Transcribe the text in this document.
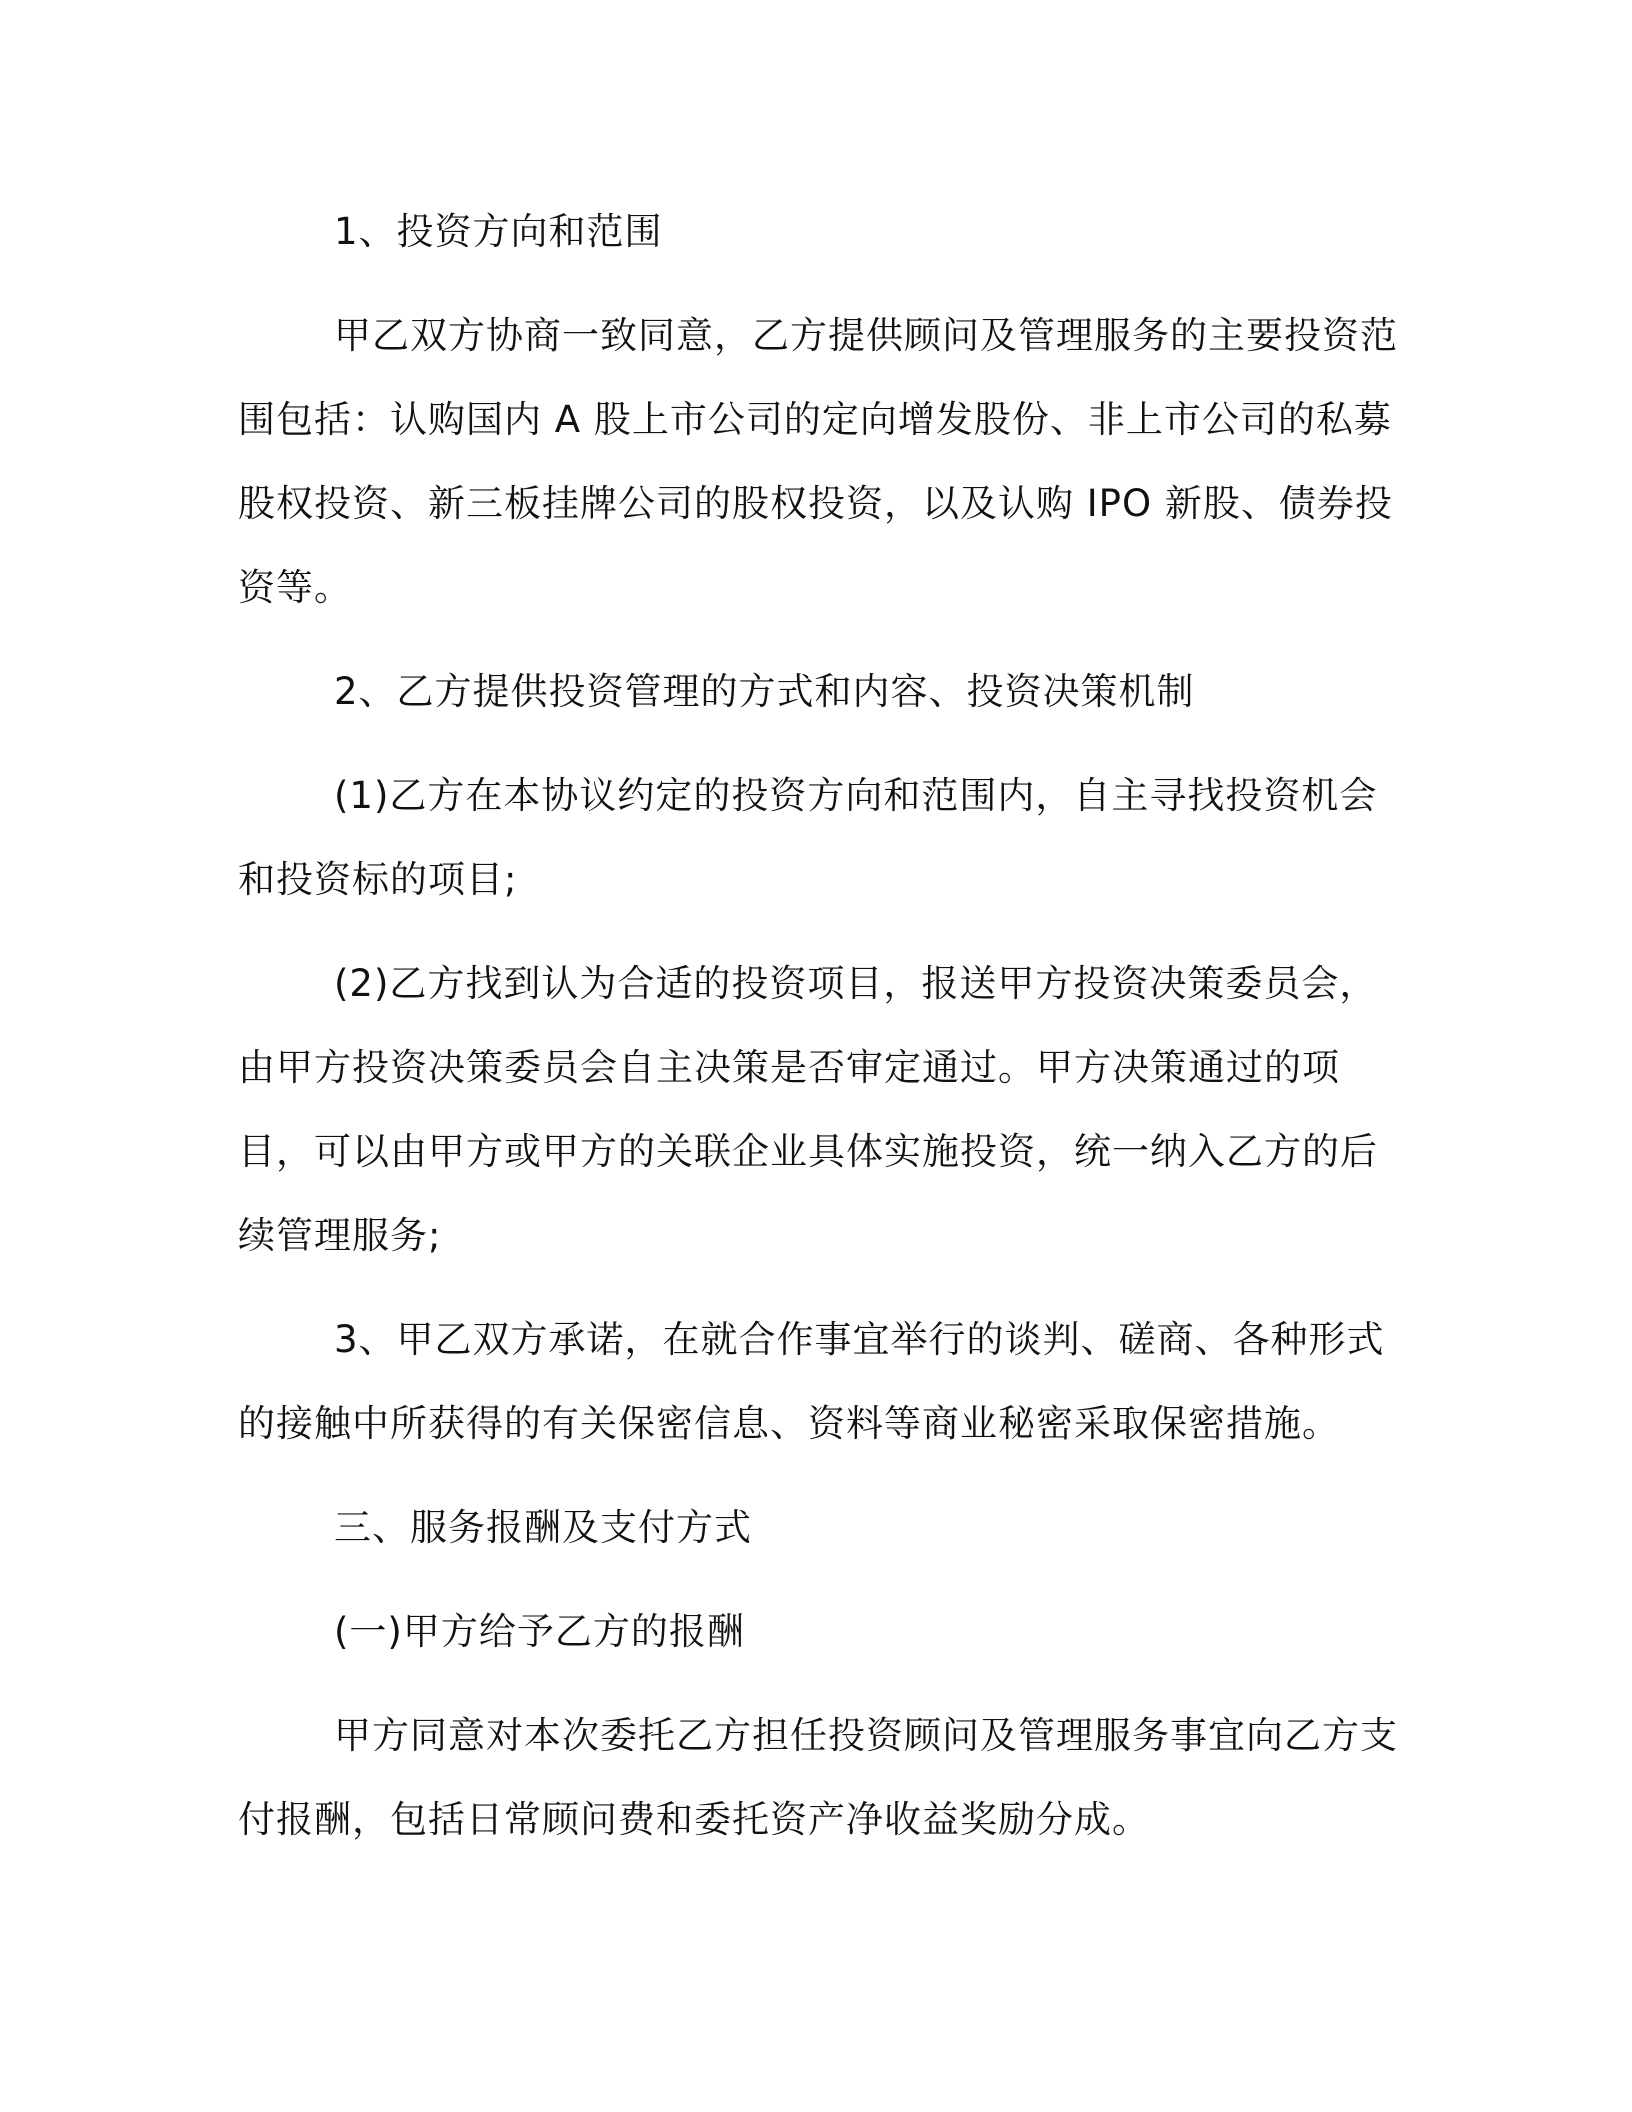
1、投资方向和范围

甲乙双方协商一致同意，乙方提供顾问及管理服务的主要投资范围包括：认购国内 A 股上市公司的定向增发股份、非上市公司的私募股权投资、新三板挂牌公司的股权投资，以及认购 IPO 新股、债券投资等。

2、乙方提供投资管理的方式和内容、投资决策机制

(1)乙方在本协议约定的投资方向和范围内，自主寻找投资机会和投资标的项目;

(2)乙方找到认为合适的投资项目，报送甲方投资决策委员会，由甲方投资决策委员会自主决策是否审定通过。甲方决策通过的项目，可以由甲方或甲方的关联企业具体实施投资，统一纳入乙方的后续管理服务;

3、甲乙双方承诺，在就合作事宜举行的谈判、磋商、各种形式的接触中所获得的有关保密信息、资料等商业秘密采取保密措施。

三、服务报酬及支付方式

(一)甲方给予乙方的报酬

甲方同意对本次委托乙方担任投资顾问及管理服务事宜向乙方支付报酬，包括日常顾问费和委托资产净收益奖励分成。
